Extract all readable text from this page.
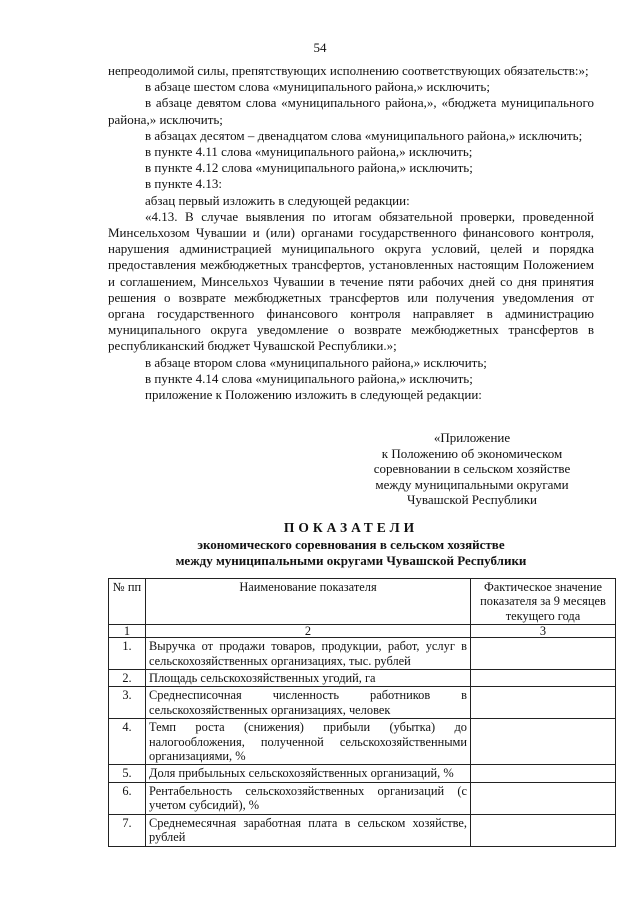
54

непреодолимой силы, препятствующих исполнению соответствующих обязательств:»;

в абзаце шестом слова «муниципального района,» исключить;

в абзаце девятом слова «муниципального района,», «бюджета муниципального района,» исключить;

в абзацах десятом – двенадцатом слова «муниципального района,» исключить;

в пункте 4.11 слова «муниципального района,» исключить;

в пункте 4.12 слова «муниципального района,» исключить;

в пункте 4.13:

абзац первый изложить в следующей редакции:

«4.13. В случае выявления по итогам обязательной проверки, проведенной Минсельхозом Чувашии и (или) органами государственного финансового контроля, нарушения администрацией муниципального округа условий, целей и порядка предоставления межбюджетных трансфертов, установленных настоящим Положением и соглашением, Минсельхоз Чувашии в течение пяти рабочих дней со дня принятия решения о возврате межбюджетных трансфертов или получения уведомления от органа государственного финансового контроля направляет в администрацию муниципального округа уведомление о возврате межбюджетных трансфертов в республиканский бюджет Чувашской Республики.»;

в абзаце втором слова «муниципального района,» исключить;

в пункте 4.14 слова «муниципального района,» исключить;

приложение к Положению изложить в следующей редакции:

«Приложение
к Положению об экономическом
соревновании в сельском хозяйстве
между муниципальными округами
Чувашской Республики
ПОКАЗАТЕЛИ
экономического соревнования в сельском хозяйстве
между муниципальными округами Чувашской Республики
№ пп	Наименование показателя	Фактическое значение показателя за 9 месяцев текущего года
1	2	3
1.	Выручка от продажи товаров, продукции, работ, услуг в сельскохозяйственных организациях, тыс. рублей	
2.	Площадь сельскохозяйственных угодий, га	
3.	Среднесписочная численность работников в сельскохозяйственных организациях, человек	
4.	Темп роста (снижения) прибыли (убытка) до налогообложения, полученной сельскохозяйственными организациями, %	
5.	Доля прибыльных сельскохозяйственных организаций, %	
6.	Рентабельность сельскохозяйственных организаций (с учетом субсидий), %	
7.	Среднемесячная заработная плата в сельском хозяйстве, рублей	
